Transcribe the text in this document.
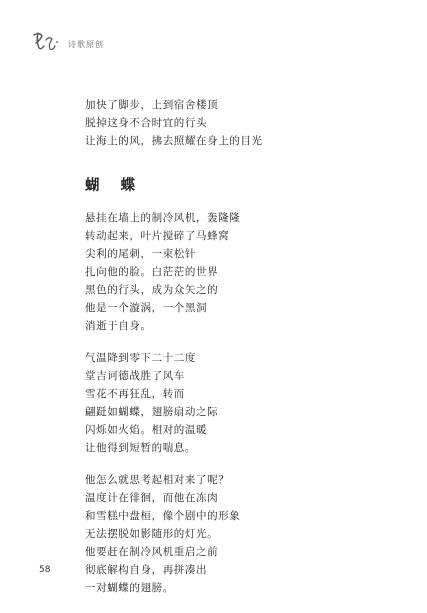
诗歌原创
加快了脚步，上到宿舍楼顶
脱掉这身不合时宜的行头
让海上的风，拂去照耀在身上的目光
蝴 蝶
悬挂在墙上的制冷风机，轰隆隆
转动起来，叶片搅碎了马蜂窝
尖利的尾刺，一束松针
扎向他的脸。白茫茫的世界
黑色的行头，成为众矢之的
他是一个漩涡，一个黑洞
消逝于自身。
气温降到零下二十二度
堂吉诃德战胜了风车
雪花不再狂乱，转而
翩跹如蝴蝶，翅膀扇动之际
闪烁如火焰。相对的温暖
让他得到短暂的喘息。
他怎么就思考起相对来了呢？
温度计在徘徊，而他在冻肉
和雪糕中盘桓，像个剧中的形象
无法摆脱如影随形的灯光。
他要赶在制冷风机重启之前
彻底解构自身，再拼凑出
一对蝴蝶的翅膀。
58
